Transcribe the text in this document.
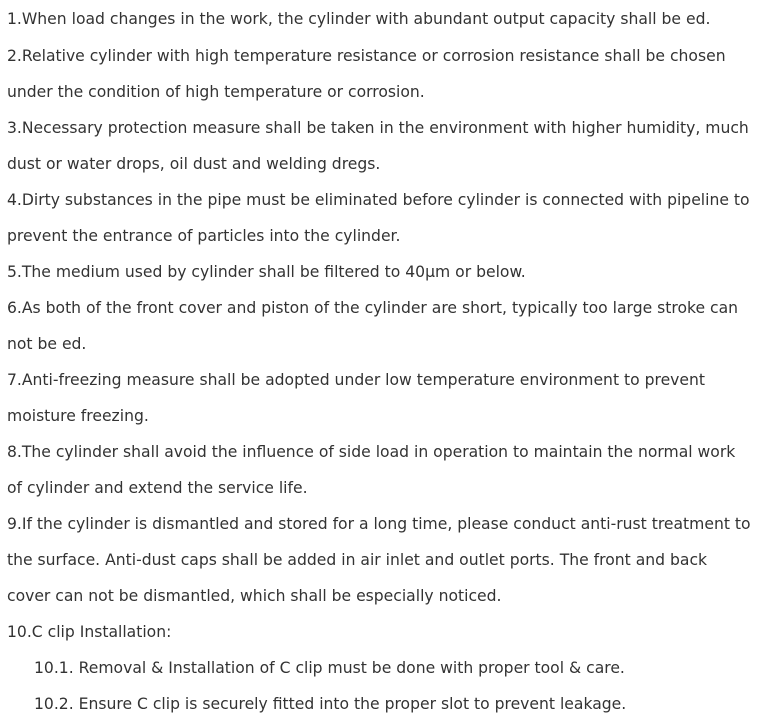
1.When load changes in the work, the cylinder with abundant output capacity shall be ed.

2.Relative cylinder with high temperature resistance or corrosion resistance shall be chosen

under the condition of high temperature or corrosion.

3.Necessary protection measure shall be taken in the environment with higher humidity, much

dust or water drops, oil dust and welding dregs.

4.Dirty substances in the pipe must be eliminated before cylinder is connected with pipeline to

prevent the entrance of particles into the cylinder.

5.The medium used by cylinder shall be filtered to 40μm or below.

6.As both of the front cover and piston of the cylinder are short, typically too large stroke can

not be ed.

7.Anti-freezing measure shall be adopted under low temperature environment to prevent

moisture freezing.

8.The cylinder shall avoid the influence of side load in operation to maintain the normal work

of cylinder and extend the service life.

9.If the cylinder is dismantled and stored for a long time, please conduct anti-rust treatment to

the surface. Anti-dust caps shall be added in air inlet and outlet ports. The front and back

cover can not be dismantled, which shall be especially noticed.

10.C clip Installation:

10.1. Removal & Installation of C clip must be done with proper tool & care.

10.2. Ensure C clip is securely fitted into the proper slot to prevent leakage.
